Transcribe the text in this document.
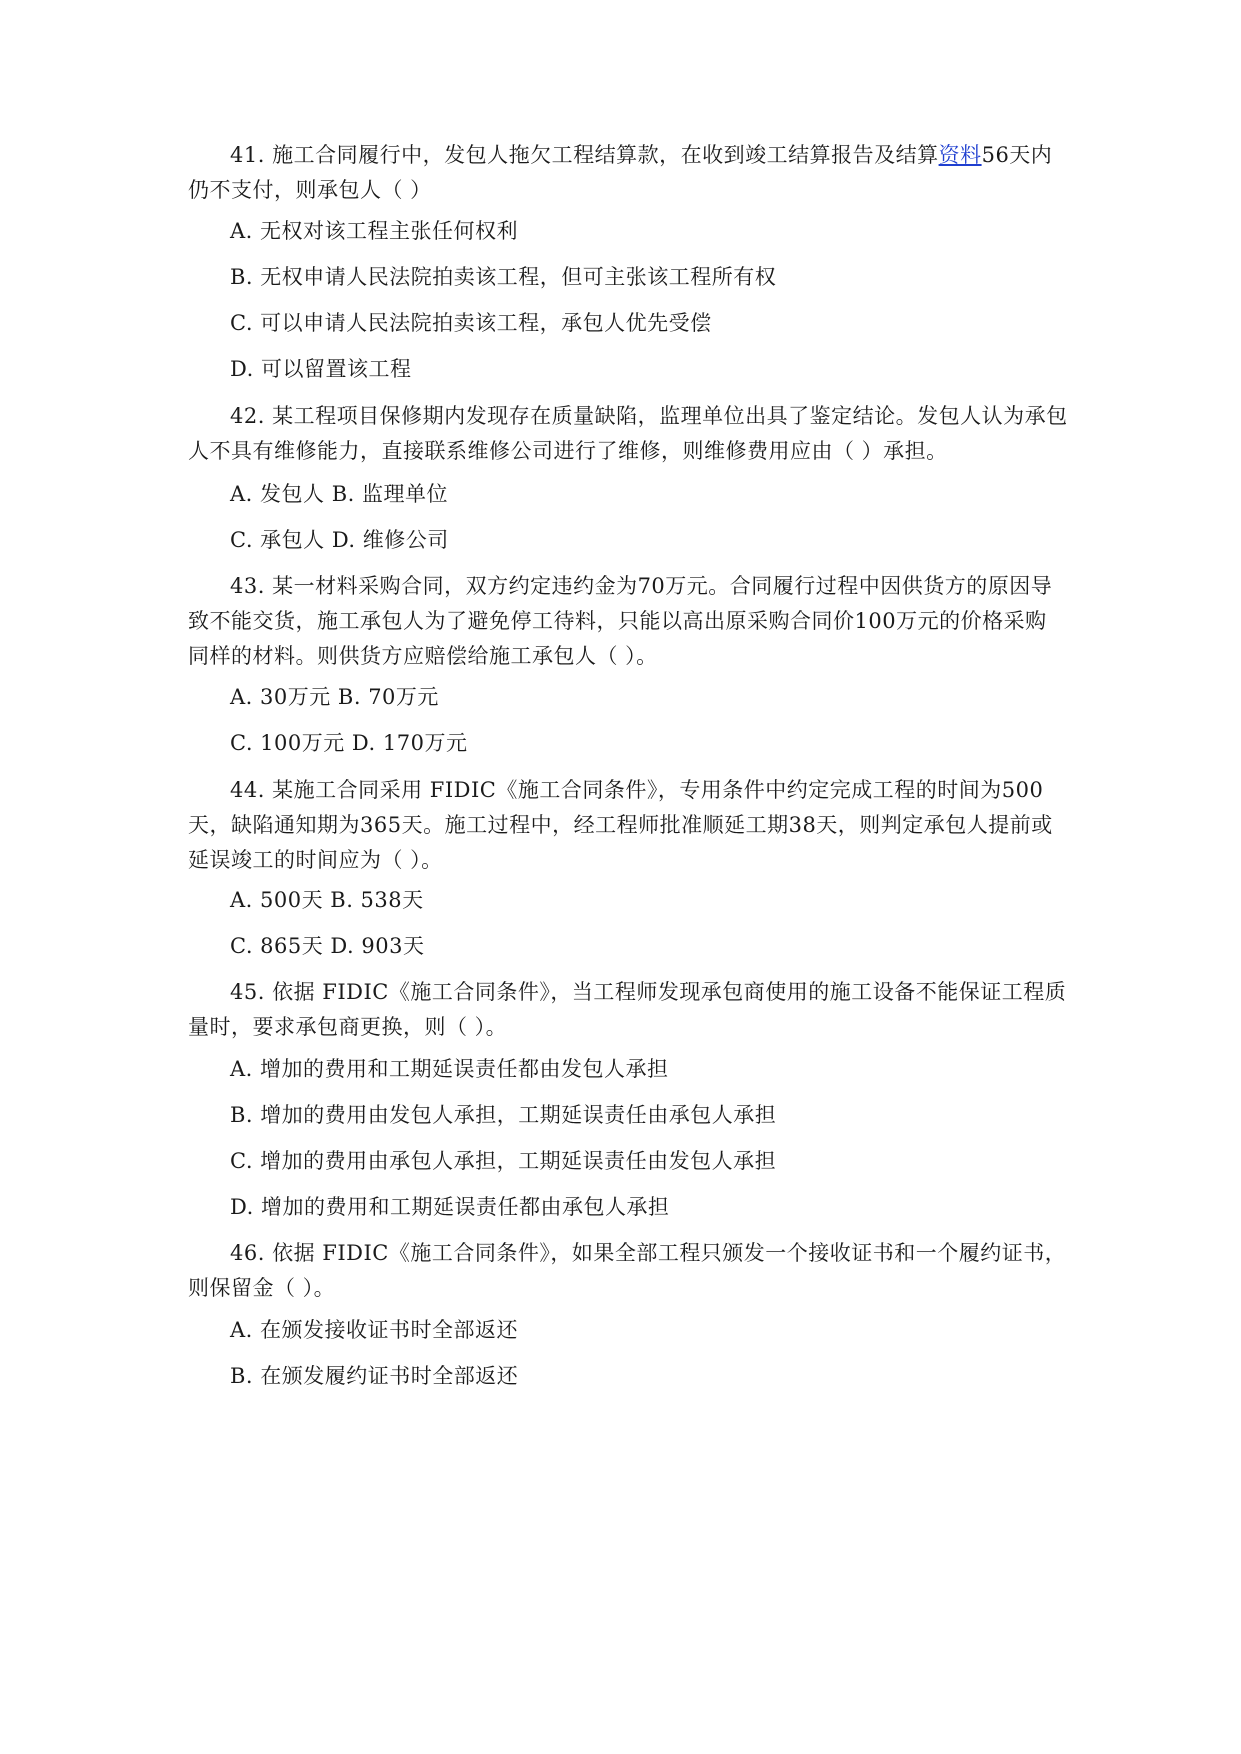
41. 施工合同履行中，发包人拖欠工程结算款，在收到竣工结算报告及结算资料56天内仍不支付，则承包人（ ）

A. 无权对该工程主张任何权利

B. 无权申请人民法院拍卖该工程，但可主张该工程所有权

C. 可以申请人民法院拍卖该工程，承包人优先受偿

D. 可以留置该工程

42. 某工程项目保修期内发现存在质量缺陷，监理单位出具了鉴定结论。发包人认为承包人不具有维修能力，直接联系维修公司进行了维修，则维修费用应由（ ）承担。

A. 发包人 B. 监理单位

C. 承包人 D. 维修公司

43. 某一材料采购合同，双方约定违约金为70万元。合同履行过程中因供货方的原因导致不能交货，施工承包人为了避免停工待料，只能以高出原采购合同价100万元的价格采购同样的材料。则供货方应赔偿给施工承包人（ ）。

A. 30万元 B. 70万元

C. 100万元 D. 170万元

44. 某施工合同采用 FIDIC《施工合同条件》，专用条件中约定完成工程的时间为500天，缺陷通知期为365天。施工过程中，经工程师批准顺延工期38天，则判定承包人提前或延误竣工的时间应为（ ）。

A. 500天 B. 538天

C. 865天 D. 903天

45. 依据 FIDIC《施工合同条件》，当工程师发现承包商使用的施工设备不能保证工程质量时，要求承包商更换，则（ ）。

A. 增加的费用和工期延误责任都由发包人承担

B. 增加的费用由发包人承担，工期延误责任由承包人承担

C. 增加的费用由承包人承担，工期延误责任由发包人承担

D. 增加的费用和工期延误责任都由承包人承担

46. 依据 FIDIC《施工合同条件》，如果全部工程只颁发一个接收证书和一个履约证书，则保留金（ ）。

A. 在颁发接收证书时全部返还

B. 在颁发履约证书时全部返还
